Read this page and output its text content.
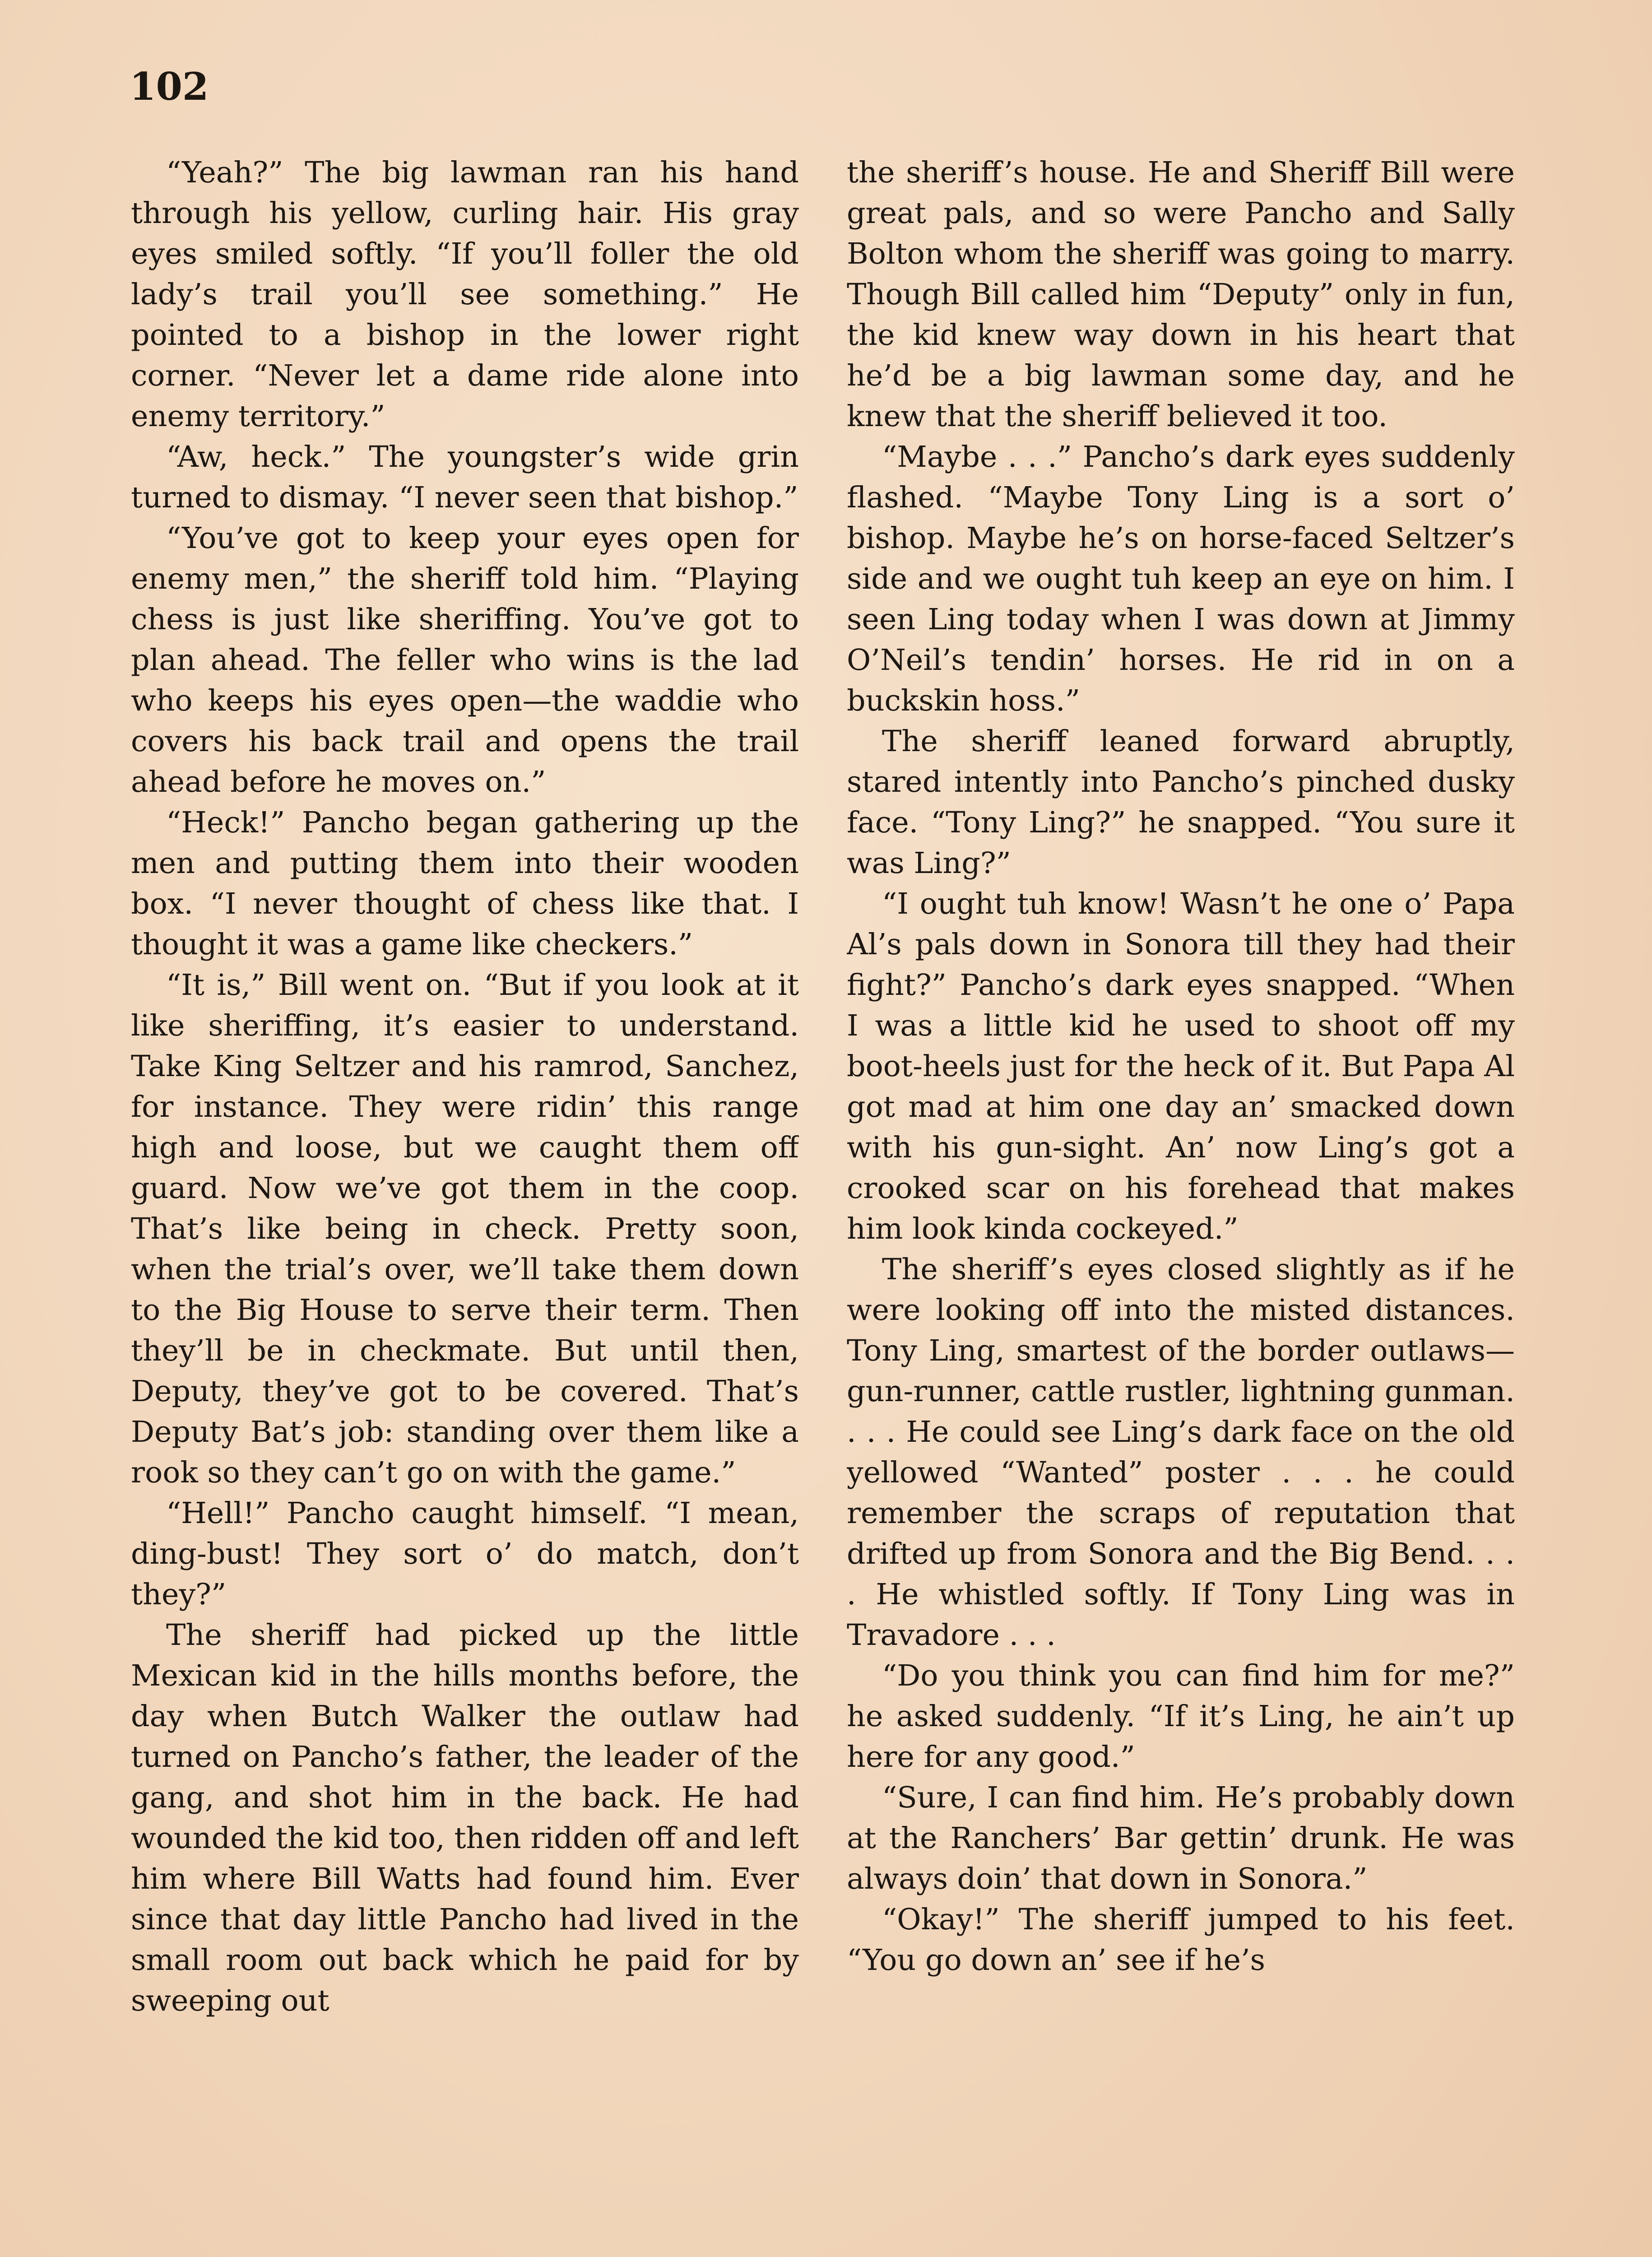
102

“Yeah?” The big lawman ran his hand through his yellow, curling hair. His gray eyes smiled softly. “If you’ll foller the old lady’s trail you’ll see something.” He pointed to a bishop in the lower right corner. “Never let a dame ride alone into enemy territory.”

“Aw, heck.” The youngster’s wide grin turned to dismay. “I never seen that bishop.”

“You’ve got to keep your eyes open for enemy men,” the sheriff told him. “Playing chess is just like sheriffing. You’ve got to plan ahead. The feller who wins is the lad who keeps his eyes open—the waddie who covers his back trail and opens the trail ahead before he moves on.”

“Heck!” Pancho began gathering up the men and putting them into their wooden box. “I never thought of chess like that. I thought it was a game like checkers.”

“It is,” Bill went on. “But if you look at it like sheriffing, it’s easier to understand. Take King Seltzer and his ramrod, Sanchez, for instance. They were ridin’ this range high and loose, but we caught them off guard. Now we’ve got them in the coop. That’s like being in check. Pretty soon, when the trial’s over, we’ll take them down to the Big House to serve their term. Then they’ll be in checkmate. But until then, Deputy, they’ve got to be covered. That’s Deputy Bat’s job: standing over them like a rook so they can’t go on with the game.”

“Hell!” Pancho caught himself. “I mean, ding-bust! They sort o’ do match, don’t they?”

The sheriff had picked up the little Mexican kid in the hills months before, the day when Butch Walker the outlaw had turned on Pancho’s father, the leader of the gang, and shot him in the back. He had wounded the kid too, then ridden off and left him where Bill Watts had found him. Ever since that day little Pancho had lived in the small room out back which he paid for by sweeping out

the sheriff’s house. He and Sheriff Bill were great pals, and so were Pancho and Sally Bolton whom the sheriff was going to marry. Though Bill called him “Deputy” only in fun, the kid knew way down in his heart that he’d be a big lawman some day, and he knew that the sheriff believed it too.

“Maybe . . .” Pancho’s dark eyes suddenly flashed. “Maybe Tony Ling is a sort o’ bishop. Maybe he’s on horse-faced Seltzer’s side and we ought tuh keep an eye on him. I seen Ling today when I was down at Jimmy O’Neil’s tendin’ horses. He rid in on a buckskin hoss.”

The sheriff leaned forward abruptly, stared intently into Pancho’s pinched dusky face. “Tony Ling?” he snapped. “You sure it was Ling?”

“I ought tuh know! Wasn’t he one o’ Papa Al’s pals down in Sonora till they had their fight?” Pancho’s dark eyes snapped. “When I was a little kid he used to shoot off my boot-heels just for the heck of it. But Papa Al got mad at him one day an’ smacked down with his gun-sight. An’ now Ling’s got a crooked scar on his forehead that makes him look kinda cockeyed.”

The sheriff’s eyes closed slightly as if he were looking off into the misted distances. Tony Ling, smartest of the border outlaws—gun-runner, cattle rustler, lightning gunman. . . . He could see Ling’s dark face on the old yellowed “Wanted” poster . . . he could remember the scraps of reputation that drifted up from Sonora and the Big Bend. . . . He whistled softly. If Tony Ling was in Travadore . . .

“Do you think you can find him for me?” he asked suddenly. “If it’s Ling, he ain’t up here for any good.”

“Sure, I can find him. He’s probably down at the Ranchers’ Bar gettin’ drunk. He was always doin’ that down in Sonora.”

“Okay!” The sheriff jumped to his feet. “You go down an’ see if he’s
